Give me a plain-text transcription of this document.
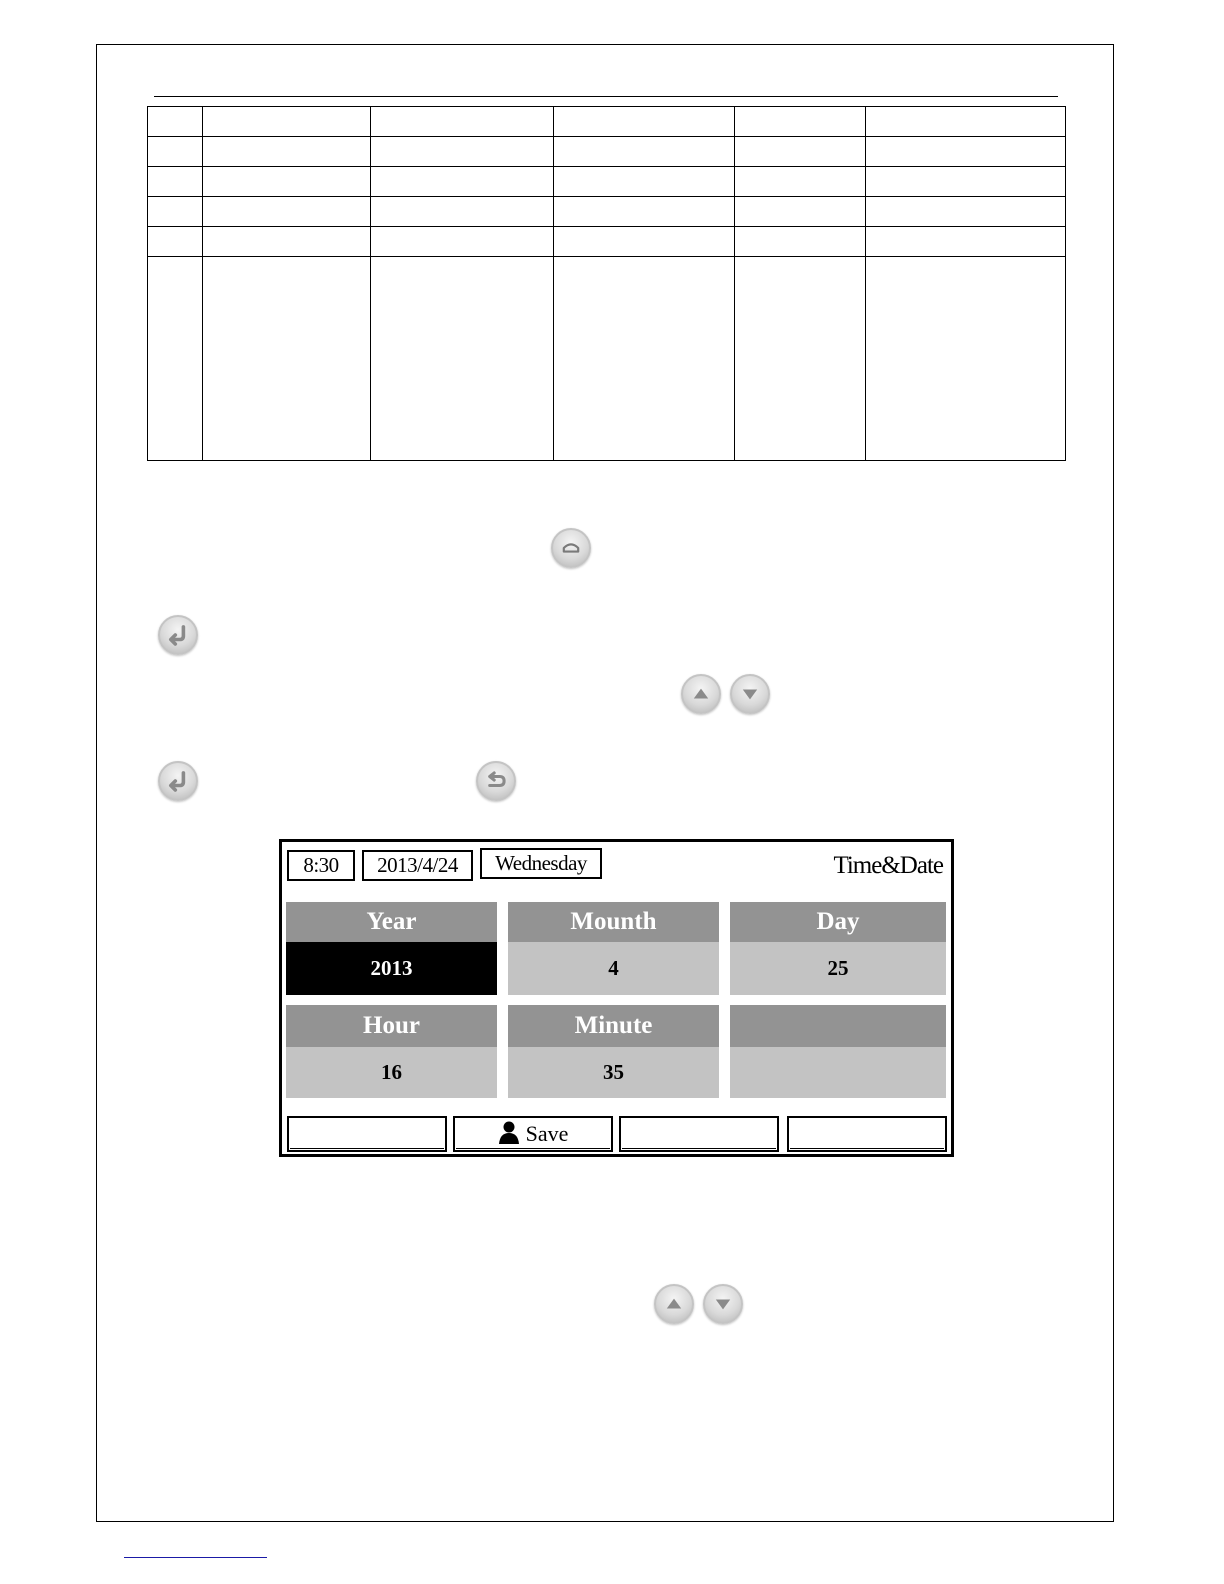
8:30	2013/4/24	Wednesday	Time&Date
Year
2013
Mounth
4
Day
25
Hour
16
Minute
35
Save
